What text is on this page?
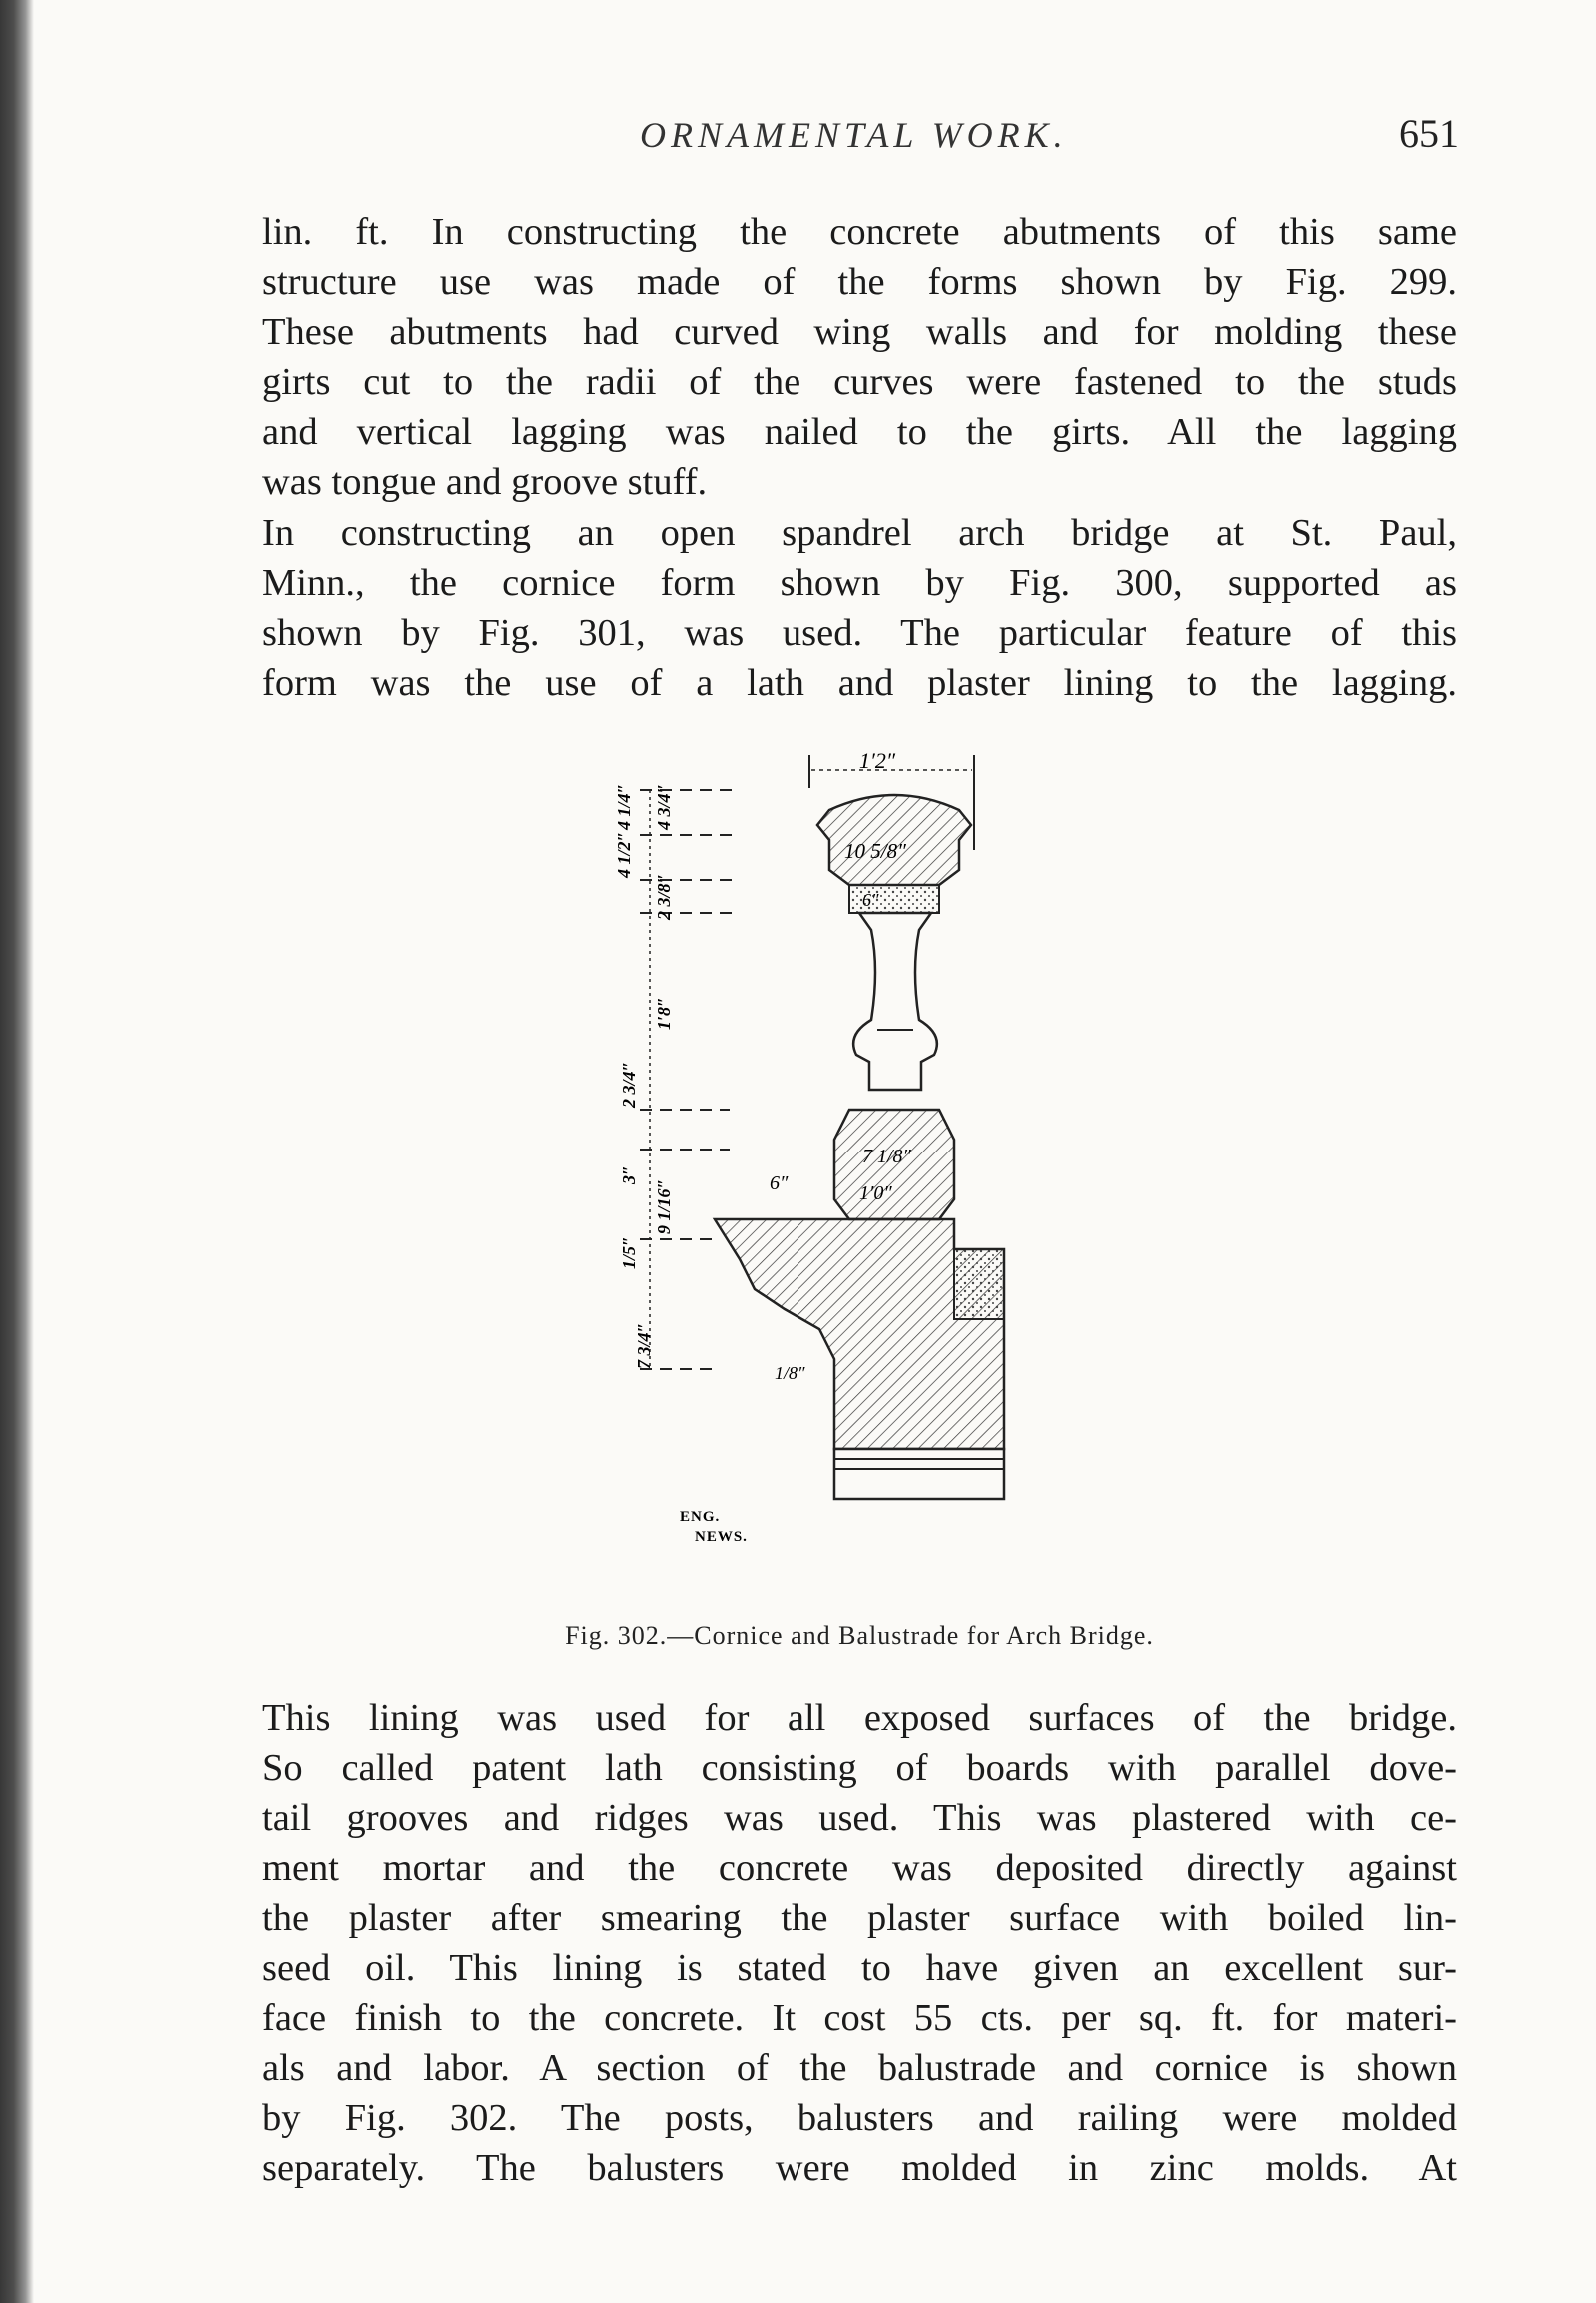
ORNAMENTAL WORK.	651
lin. ft. In constructing the concrete abutments of this same
structure use was made of the forms shown by Fig. 299.
These abutments had curved wing walls and for molding these
girts cut to the radii of the curves were fastened to the studs
and vertical lagging was nailed to the girts. All the lagging
was tongue and groove stuff.
In constructing an open spandrel arch bridge at St. Paul,
Minn., the cornice form shown by Fig. 300, supported as
shown by Fig. 301, was used. The particular feature of this
form was the use of a lath and plaster lining to the lagging.
1′2″
10 5/8″
6″
7 1/8″
1′0″
6″
1/8″
4 1/4″
4 1/2″
4 3/4″
2 3/8″
1′8″
2 3/4″
3″
9 1/16″
1/5″
7 3/4″
ENG.
NEWS.
Fig. 302.—Cornice and Balustrade for Arch Bridge.
This lining was used for all exposed surfaces of the bridge.
So called patent lath consisting of boards with parallel dove-
tail grooves and ridges was used. This was plastered with ce-
ment mortar and the concrete was deposited directly against
the plaster after smearing the plaster surface with boiled lin-
seed oil. This lining is stated to have given an excellent sur-
face finish to the concrete. It cost 55 cts. per sq. ft. for materi-
als and labor. A section of the balustrade and cornice is shown
by Fig. 302. The posts, balusters and railing were molded
separately. The balusters were molded in zinc molds. At
